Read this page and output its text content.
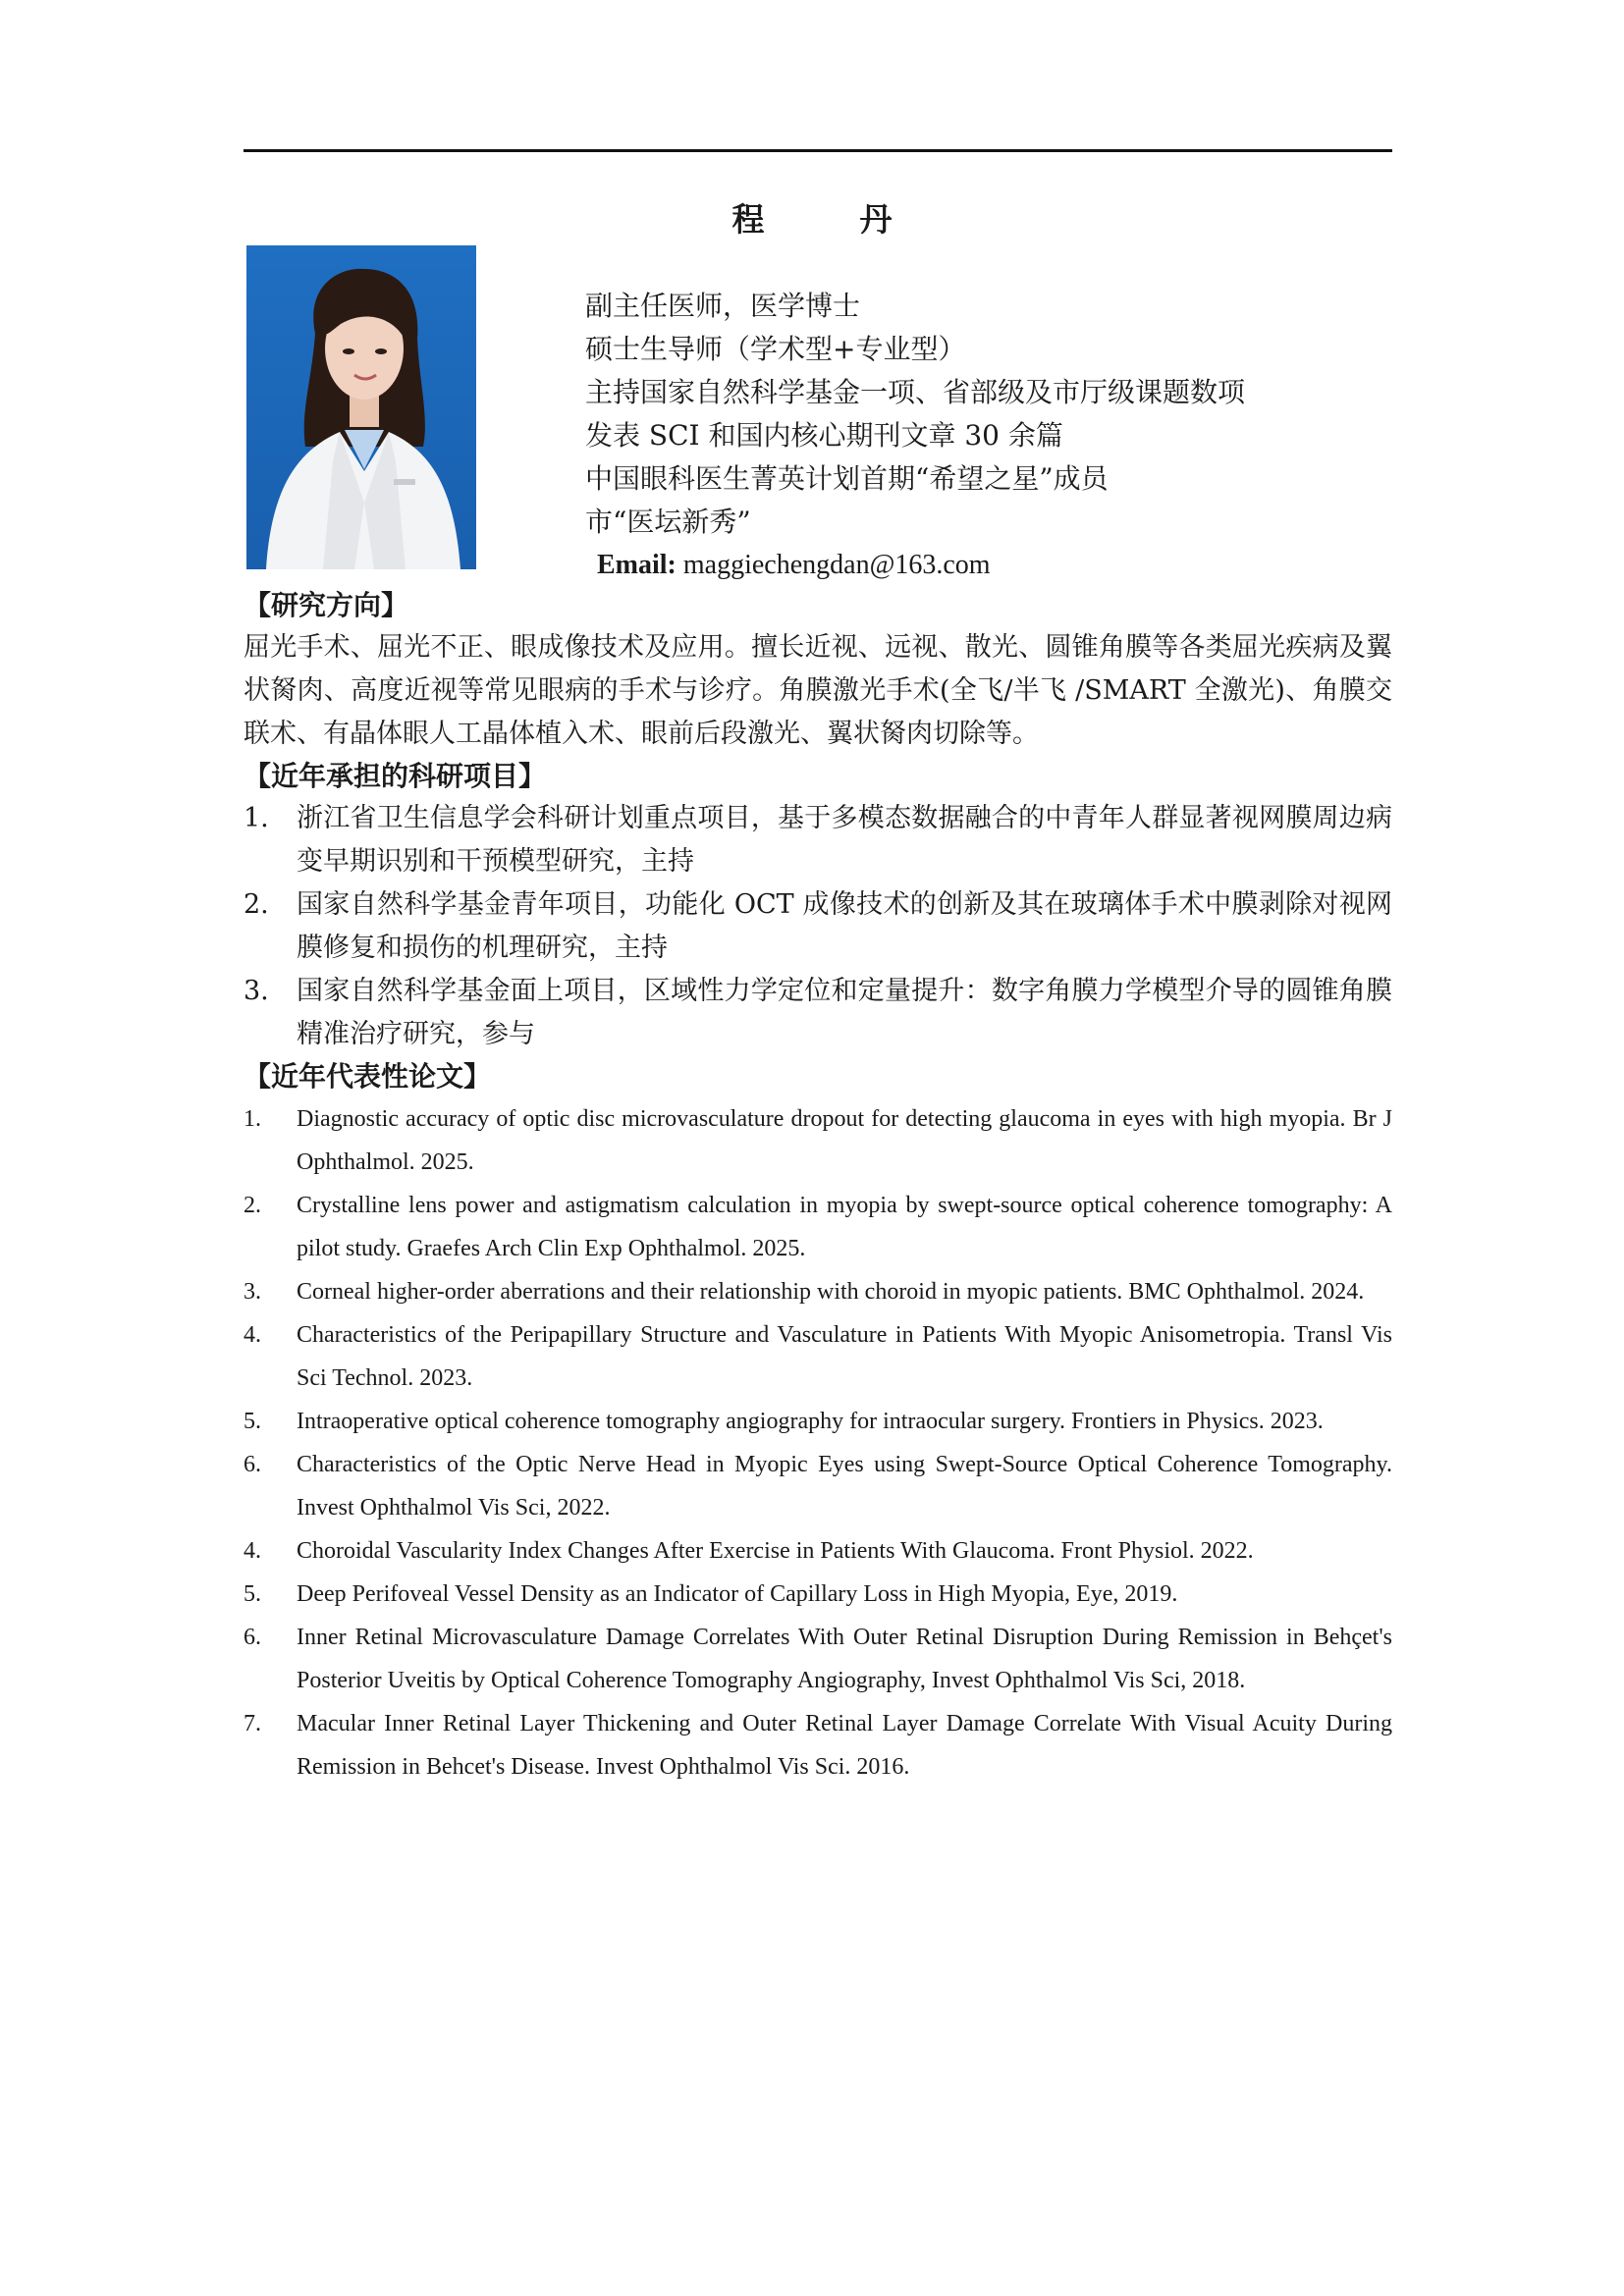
程　丹
副主任医师，医学博士
硕士生导师（学术型+专业型）
主持国家自然科学基金一项、省部级及市厅级课题数项
发表 SCI 和国内核心期刊文章 30 余篇
中国眼科医生菁英计划首期“希望之星”成员
市“医坛新秀”
Email: maggiechengdan@163.com
【研究方向】

屈光手术、屈光不正、眼成像技术及应用。擅长近视、远视、散光、圆锥角膜等各类屈光疾病及翼状胬肉、高度近视等常见眼病的手术与诊疗。角膜激光手术(全飞/半飞 /SMART 全激光)、角膜交联术、有晶体眼人工晶体植入术、眼前后段激光、翼状胬肉切除等。

【近年承担的科研项目】
1.	浙江省卫生信息学会科研计划重点项目，基于多模态数据融合的中青年人群显著视网膜周边病变早期识别和干预模型研究，主持
2.	国家自然科学基金青年项目，功能化 OCT 成像技术的创新及其在玻璃体手术中膜剥除对视网膜修复和损伤的机理研究，主持
3.	国家自然科学基金面上项目，区域性力学定位和定量提升：数字角膜力学模型介导的圆锥角膜精准治疗研究，参与
【近年代表性论文】
1.	Diagnostic accuracy of optic disc microvasculature dropout for detecting glaucoma in eyes with high myopia. Br J Ophthalmol. 2025.
2.	Crystalline lens power and astigmatism calculation in myopia by swept-source optical coherence tomography: A pilot study. Graefes Arch Clin Exp Ophthalmol. 2025.
3.	Corneal higher-order aberrations and their relationship with choroid in myopic patients. BMC Ophthalmol. 2024.
4.	Characteristics of the Peripapillary Structure and Vasculature in Patients With Myopic Anisometropia. Transl Vis Sci Technol. 2023.
5.	Intraoperative optical coherence tomography angiography for intraocular surgery. Frontiers in Physics. 2023.
6.	Characteristics of the Optic Nerve Head in Myopic Eyes using Swept-Source Optical Coherence Tomography. Invest Ophthalmol Vis Sci, 2022.
4.	Choroidal Vascularity Index Changes After Exercise in Patients With Glaucoma. Front Physiol. 2022.
5.	Deep Perifoveal Vessel Density as an Indicator of Capillary Loss in High Myopia, Eye, 2019.
6.	Inner Retinal Microvasculature Damage Correlates With Outer Retinal Disruption During Remission in Behçet's Posterior Uveitis by Optical Coherence Tomography Angiography, Invest Ophthalmol Vis Sci, 2018.
7.	Macular Inner Retinal Layer Thickening and Outer Retinal Layer Damage Correlate With Visual Acuity During Remission in Behcet's Disease. Invest Ophthalmol Vis Sci. 2016.
